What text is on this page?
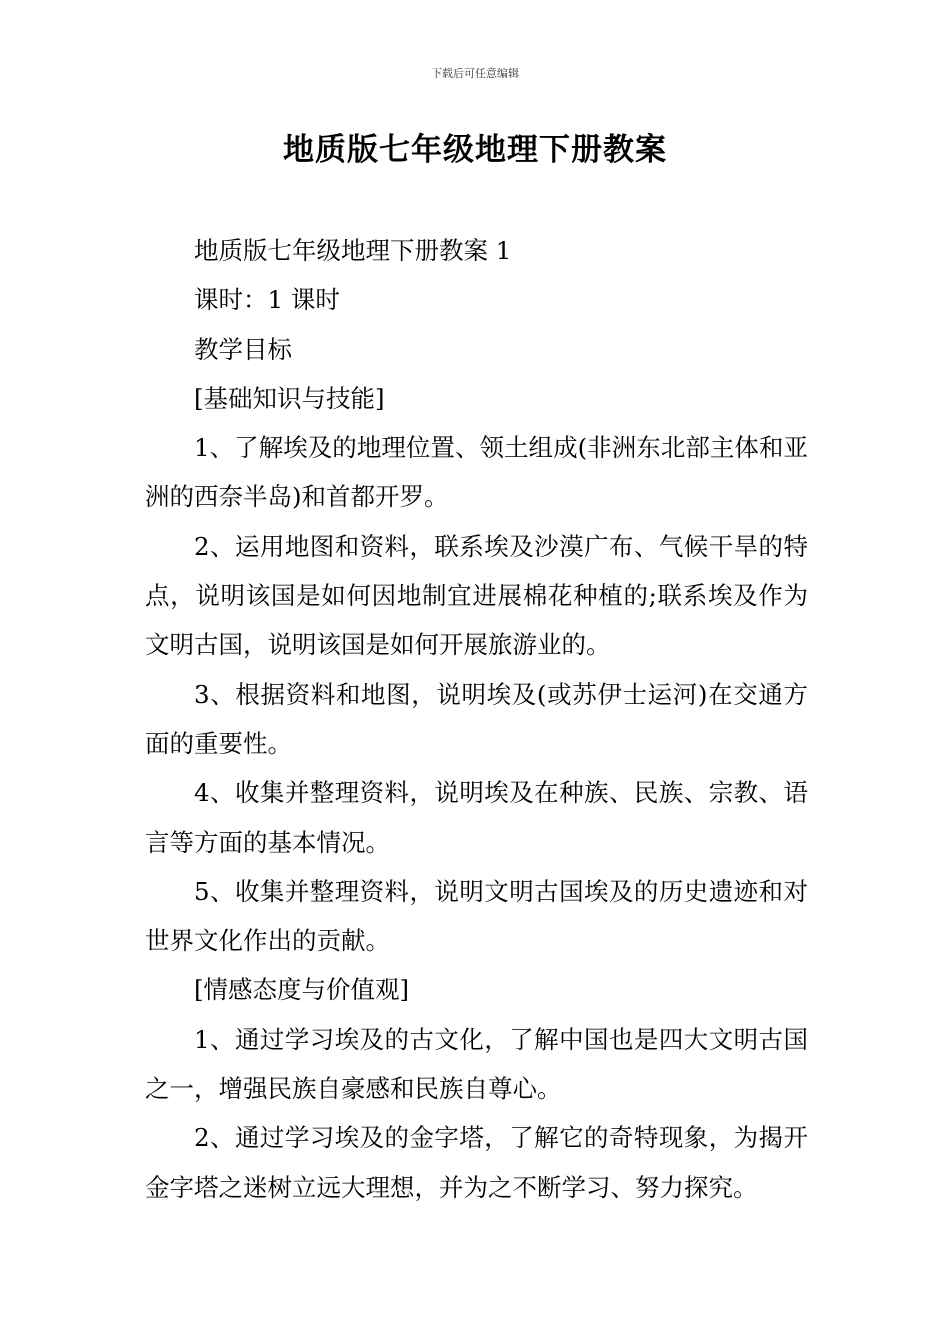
下载后可任意编辑
地质版七年级地理下册教案

地质版七年级地理下册教案 1

课时：1 课时

教学目标

[基础知识与技能]

1、了解埃及的地理位置、领土组成(非洲东北部主体和亚洲的西奈半岛)和首都开罗。

2、运用地图和资料，联系埃及沙漠广布、气候干旱的特点，说明该国是如何因地制宜进展棉花种植的;联系埃及作为文明古国，说明该国是如何开展旅游业的。

3、根据资料和地图，说明埃及(或苏伊士运河)在交通方面的重要性。

4、收集并整理资料，说明埃及在种族、民族、宗教、语言等方面的基本情况。

5、收集并整理资料，说明文明古国埃及的历史遗迹和对世界文化作出的贡献。

[情感态度与价值观]

1、通过学习埃及的古文化，了解中国也是四大文明古国之一，增强民族自豪感和民族自尊心。

2、通过学习埃及的金字塔，了解它的奇特现象，为揭开金字塔之迷树立远大理想，并为之不断学习、努力探究。
